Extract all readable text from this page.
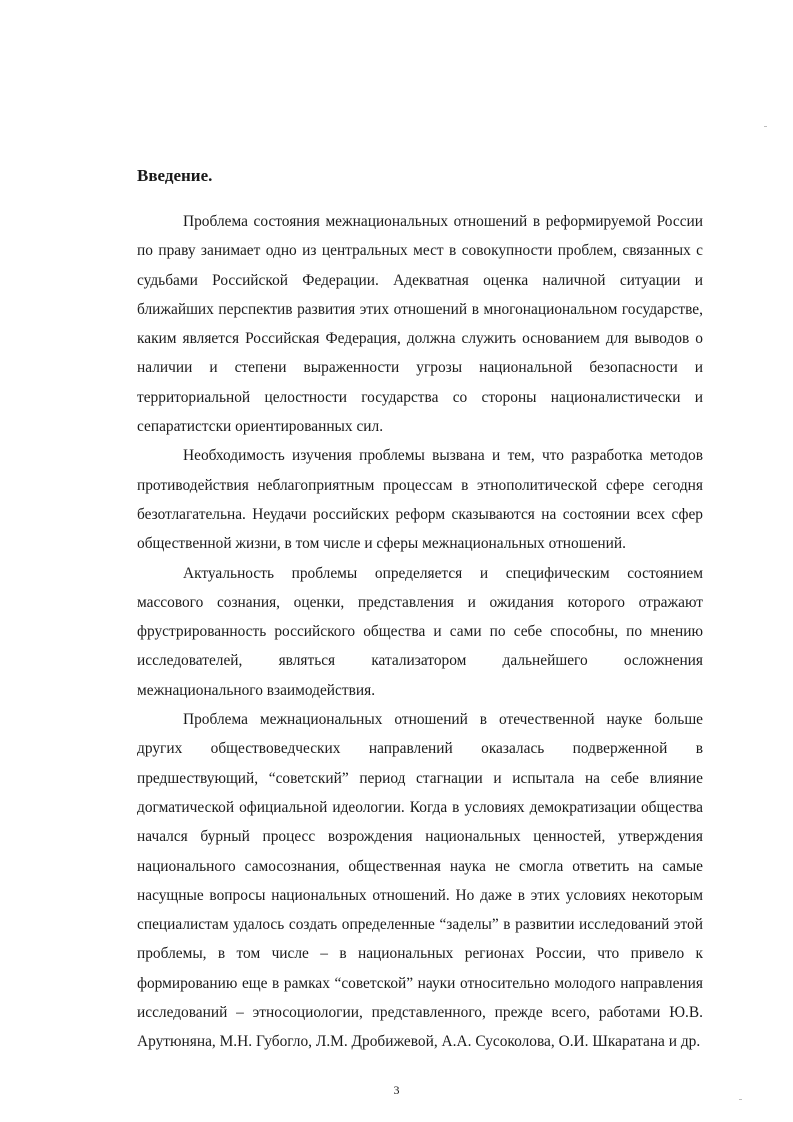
Введение.

Проблема состояния межнациональных отношений в реформируемой России по праву занимает одно из центральных мест в совокупности проблем, связанных с судьбами Российской Федерации. Адекватная оценка наличной ситуации и ближайших перспектив развития этих отношений в многонациональном государстве, каким является Российская Федерация, должна служить основанием для выводов о наличии и степени выраженности угрозы национальной безопасности и территориальной целостности государства со стороны националистически и сепаратистски ориентированных сил.

Необходимость изучения проблемы вызвана и тем, что разработка методов противодействия неблагоприятным процессам в этнополитической сфере сегодня безотлагательна. Неудачи российских реформ сказываются на состоянии всех сфер общественной жизни, в том числе и сферы межнациональных отношений.

Актуальность проблемы определяется и специфическим состоянием массового сознания, оценки, представления и ожидания которого отражают фрустрированность российского общества и сами по себе способны, по мнению исследователей, являться катализатором дальнейшего осложнения межнационального взаимодействия.

Проблема межнациональных отношений в отечественной науке больше других обществоведческих направлений оказалась подверженной в предшествующий, “советский” период стагнации и испытала на себе влияние догматической официальной идеологии. Когда в условиях демократизации общества начался бурный процесс возрождения национальных ценностей, утверждения национального самосознания, общественная наука не смогла ответить на самые насущные вопросы национальных отношений. Но даже в этих условиях некоторым специалистам удалось создать определенные “заделы” в развитии исследований этой проблемы, в том числе – в национальных регионах России, что привело к формированию еще в рамках “советской” науки относительно молодого направления исследований – этносоциологии, представленного, прежде всего, работами Ю.В. Арутюняна, М.Н. Губогло, Л.М. Дробижевой, А.А. Сусоколова, О.И. Шкаратана и др.

3
